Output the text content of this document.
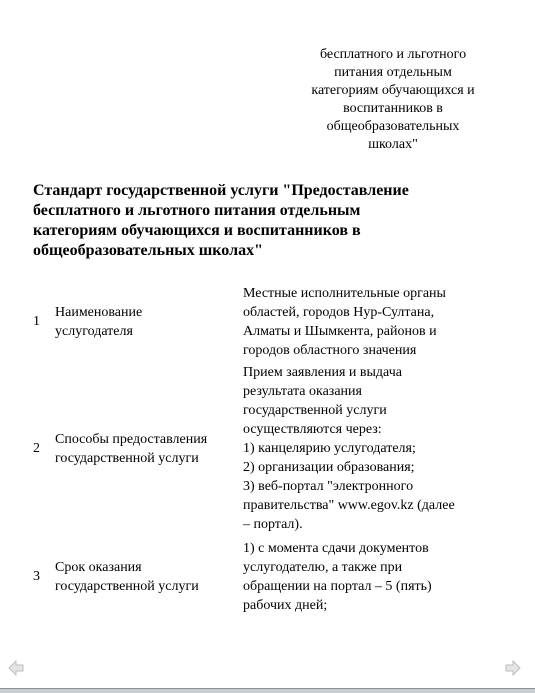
бесплатного и льготного
питания отдельным
категориям обучающихся и
воспитанников в
общеобразовательных
школах"
Стандарт государственной услуги "Предоставление
бесплатного и льготного питания отдельным
категориям обучающихся и воспитанников в
общеобразовательных школах"
1
Наименование
услугодателя
Местные исполнительные органы
областей, городов Нур-Султана,
Алматы и Шымкента, районов и
городов областного значения
2
Способы предоставления
государственной услуги
Прием заявления и выдача
результата оказания
государственной услуги
осуществляются через:
1) канцелярию услугодателя;
2) организации образования;
3) веб-портал "электронного
правительства" www.egov.kz (далее
– портал).
3
Срок оказания
государственной услуги
1) с момента сдачи документов
услугодателю, а также при
обращении на портал – 5 (пять)
рабочих дней;
